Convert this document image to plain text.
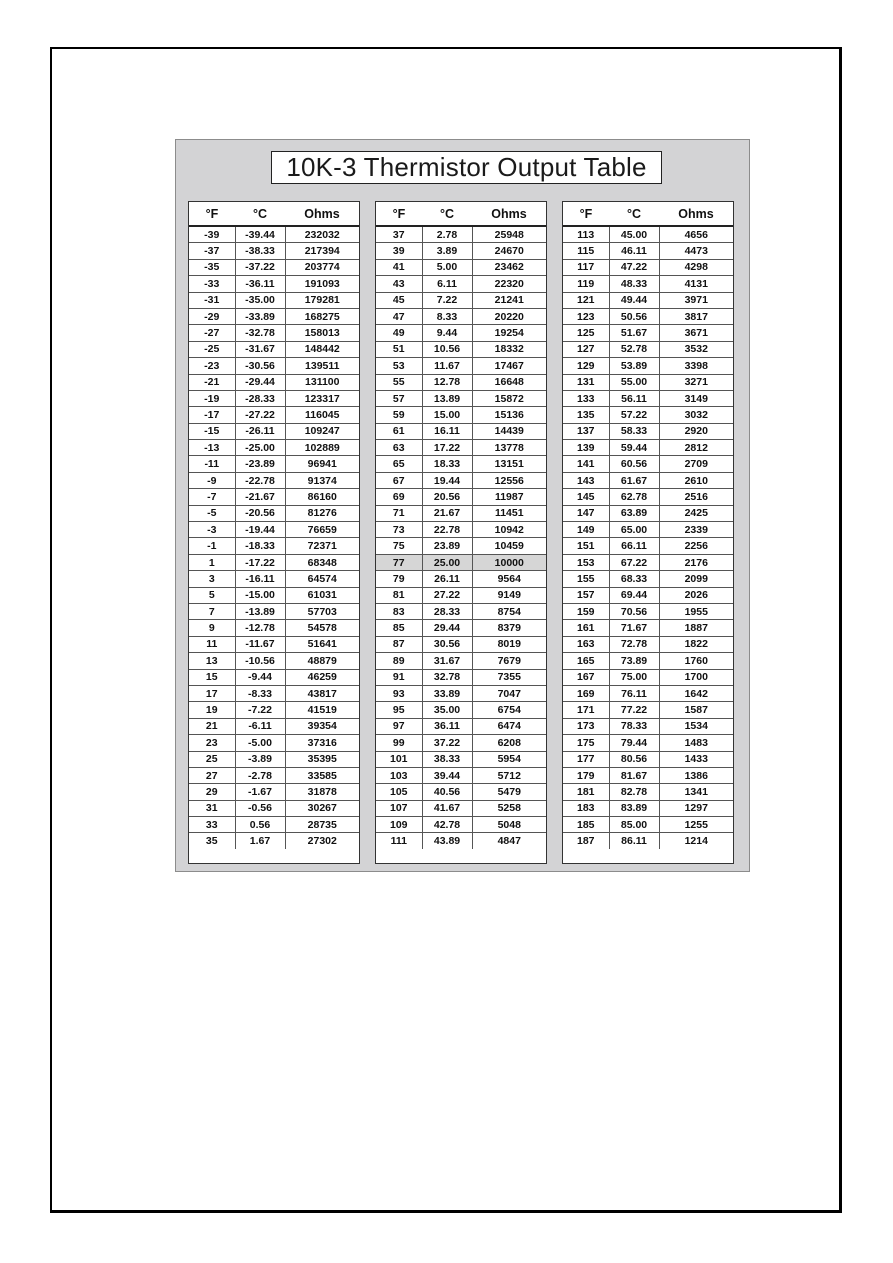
10K-3 Thermistor Output Table
°F	°C	Ohms
-39	-39.44	232032
-37	-38.33	217394
-35	-37.22	203774
-33	-36.11	191093
-31	-35.00	179281
-29	-33.89	168275
-27	-32.78	158013
-25	-31.67	148442
-23	-30.56	139511
-21	-29.44	131100
-19	-28.33	123317
-17	-27.22	116045
-15	-26.11	109247
-13	-25.00	102889
-11	-23.89	96941
-9	-22.78	91374
-7	-21.67	86160
-5	-20.56	81276
-3	-19.44	76659
-1	-18.33	72371
1	-17.22	68348
3	-16.11	64574
5	-15.00	61031
7	-13.89	57703
9	-12.78	54578
11	-11.67	51641
13	-10.56	48879
15	-9.44	46259
17	-8.33	43817
19	-7.22	41519
21	-6.11	39354
23	-5.00	37316
25	-3.89	35395
27	-2.78	33585
29	-1.67	31878
31	-0.56	30267
33	0.56	28735
35	1.67	27302
°F	°C	Ohms
37	2.78	25948
39	3.89	24670
41	5.00	23462
43	6.11	22320
45	7.22	21241
47	8.33	20220
49	9.44	19254
51	10.56	18332
53	11.67	17467
55	12.78	16648
57	13.89	15872
59	15.00	15136
61	16.11	14439
63	17.22	13778
65	18.33	13151
67	19.44	12556
69	20.56	11987
71	21.67	11451
73	22.78	10942
75	23.89	10459
77	25.00	10000
79	26.11	9564
81	27.22	9149
83	28.33	8754
85	29.44	8379
87	30.56	8019
89	31.67	7679
91	32.78	7355
93	33.89	7047
95	35.00	6754
97	36.11	6474
99	37.22	6208
101	38.33	5954
103	39.44	5712
105	40.56	5479
107	41.67	5258
109	42.78	5048
111	43.89	4847
°F	°C	Ohms
113	45.00	4656
115	46.11	4473
117	47.22	4298
119	48.33	4131
121	49.44	3971
123	50.56	3817
125	51.67	3671
127	52.78	3532
129	53.89	3398
131	55.00	3271
133	56.11	3149
135	57.22	3032
137	58.33	2920
139	59.44	2812
141	60.56	2709
143	61.67	2610
145	62.78	2516
147	63.89	2425
149	65.00	2339
151	66.11	2256
153	67.22	2176
155	68.33	2099
157	69.44	2026
159	70.56	1955
161	71.67	1887
163	72.78	1822
165	73.89	1760
167	75.00	1700
169	76.11	1642
171	77.22	1587
173	78.33	1534
175	79.44	1483
177	80.56	1433
179	81.67	1386
181	82.78	1341
183	83.89	1297
185	85.00	1255
187	86.11	1214
